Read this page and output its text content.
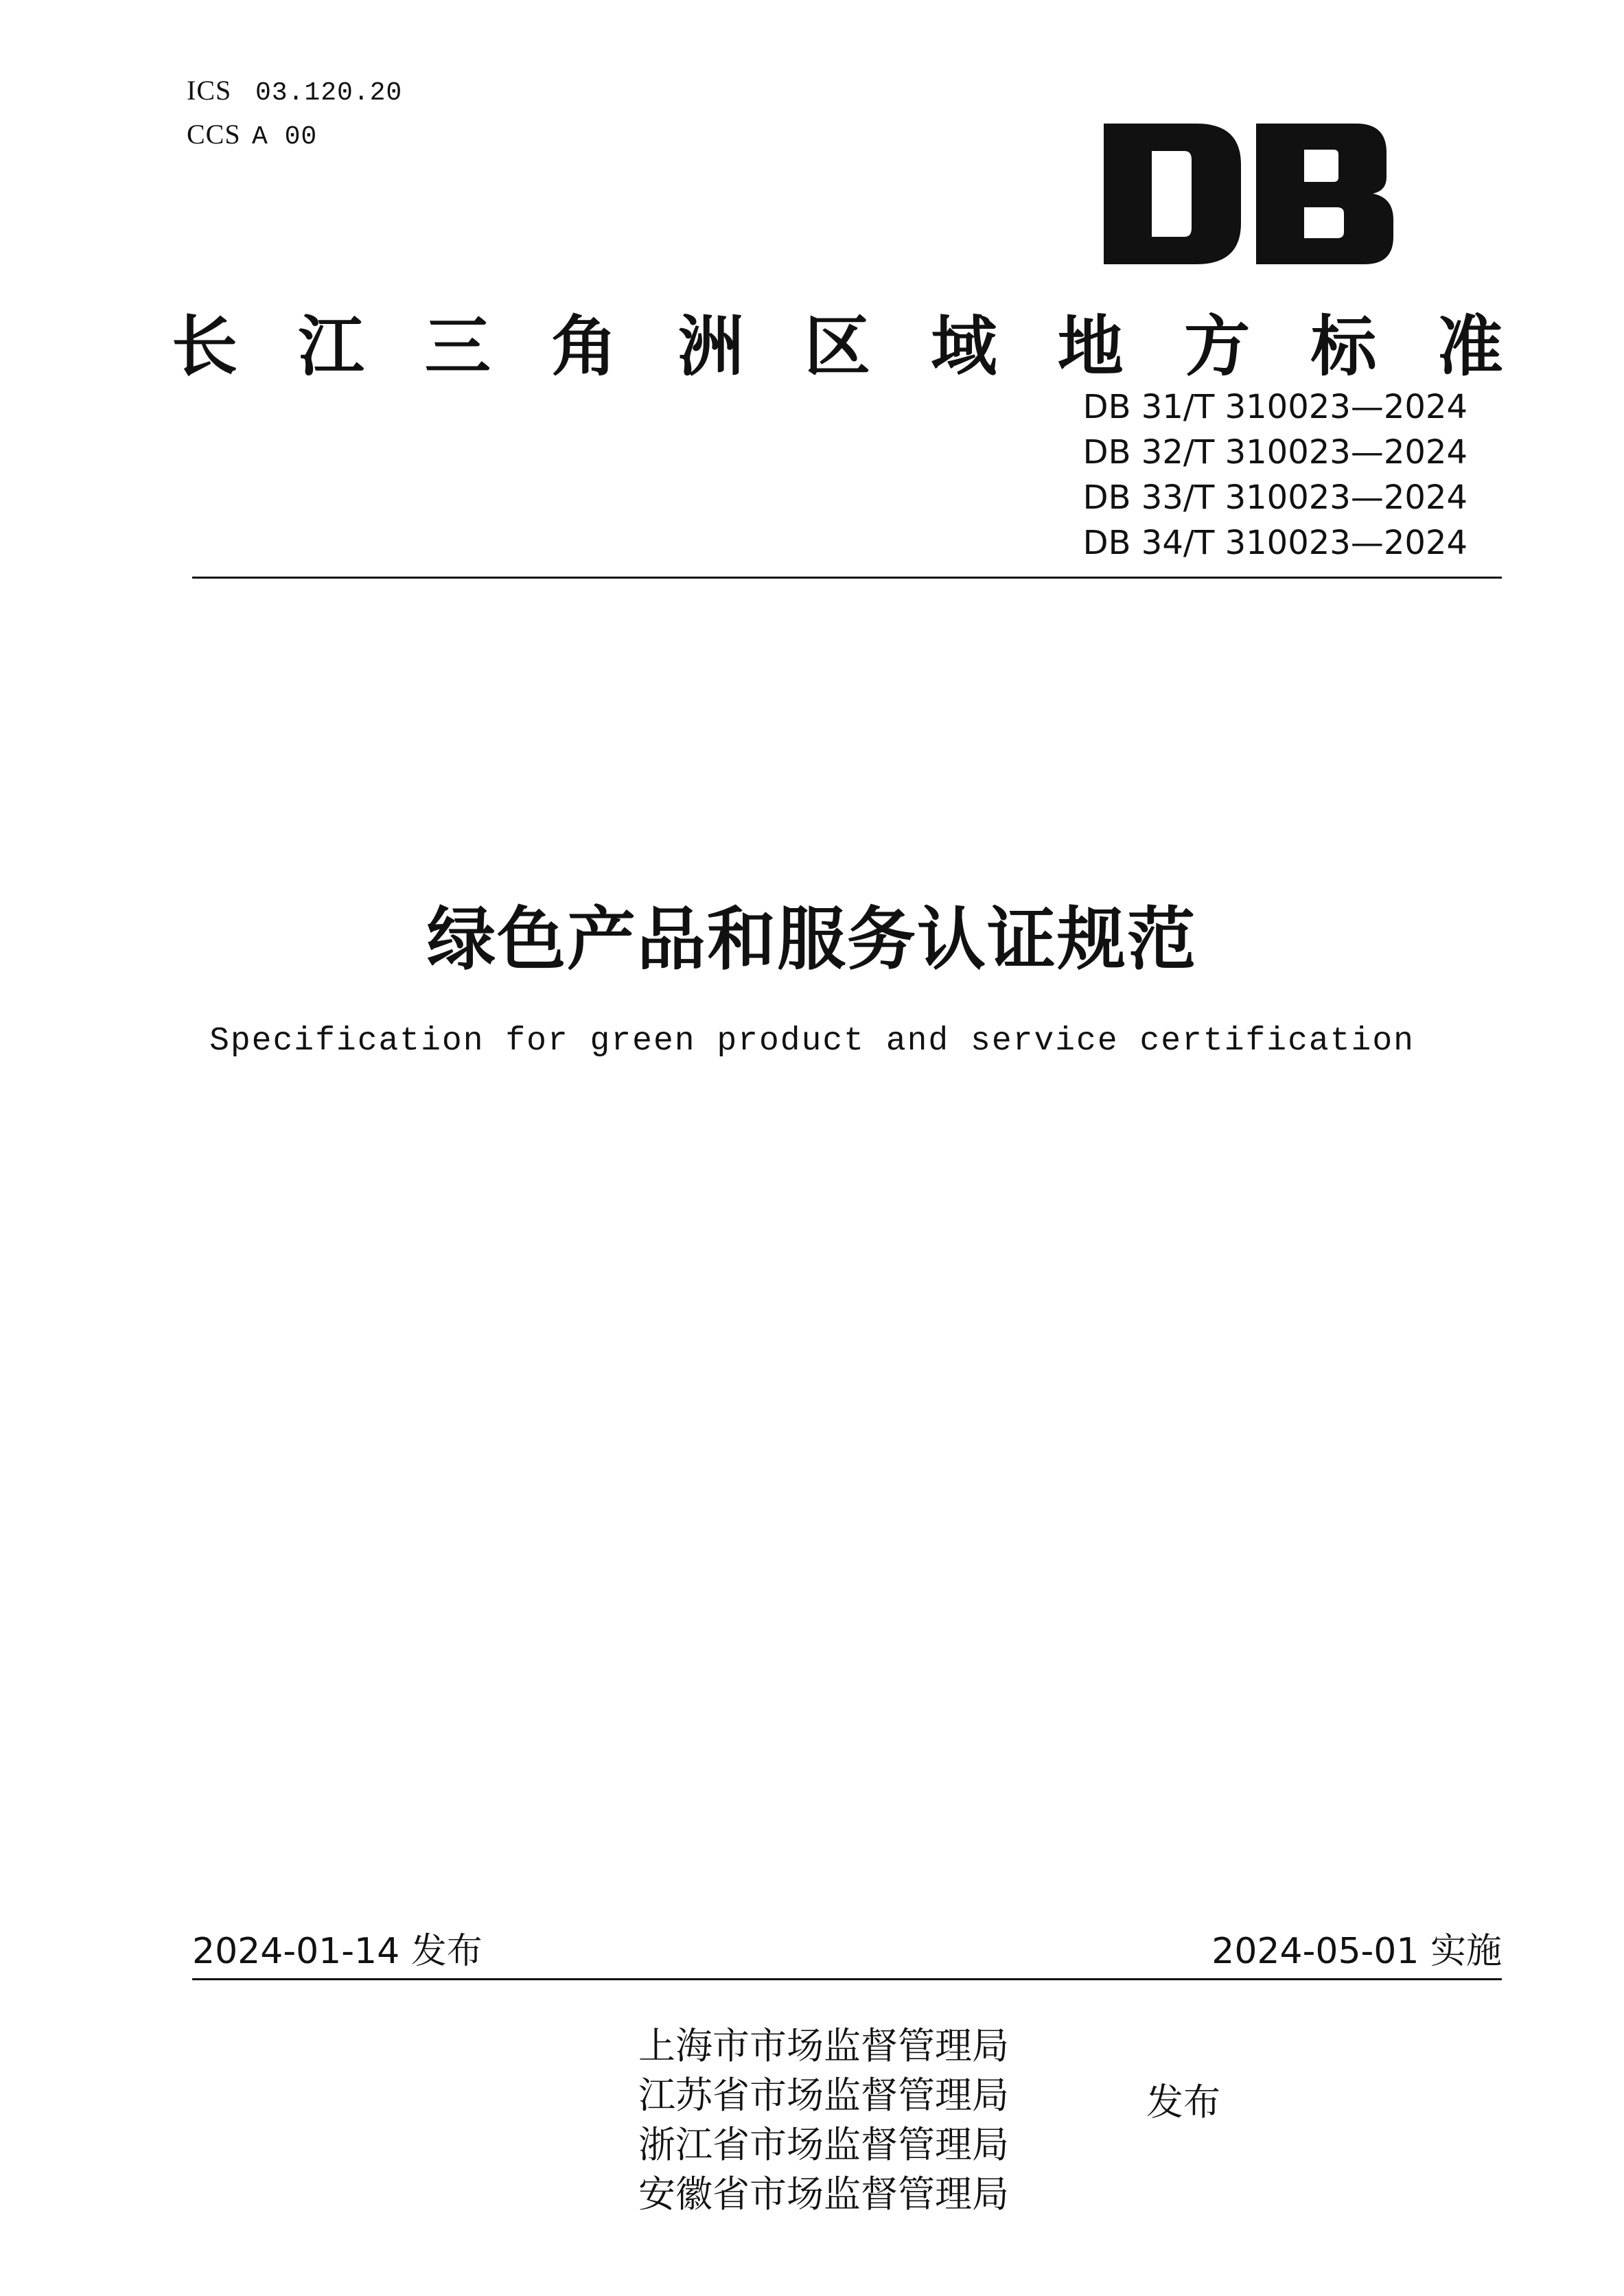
ICS 03.120.20
CCS A 00
长 江 三 角 洲 区 域 地 方 标 准
DB 31/T 310023—2024
DB 32/T 310023—2024
DB 33/T 310023—2024
DB 34/T 310023—2024
绿色产品和服务认证规范
Specification for green product and service certification
2024-01-14 发布	2024-05-01 实施
上海市市场监督管理局
江苏省市场监督管理局
浙江省市场监督管理局
安徽省市场监督管理局
发布
